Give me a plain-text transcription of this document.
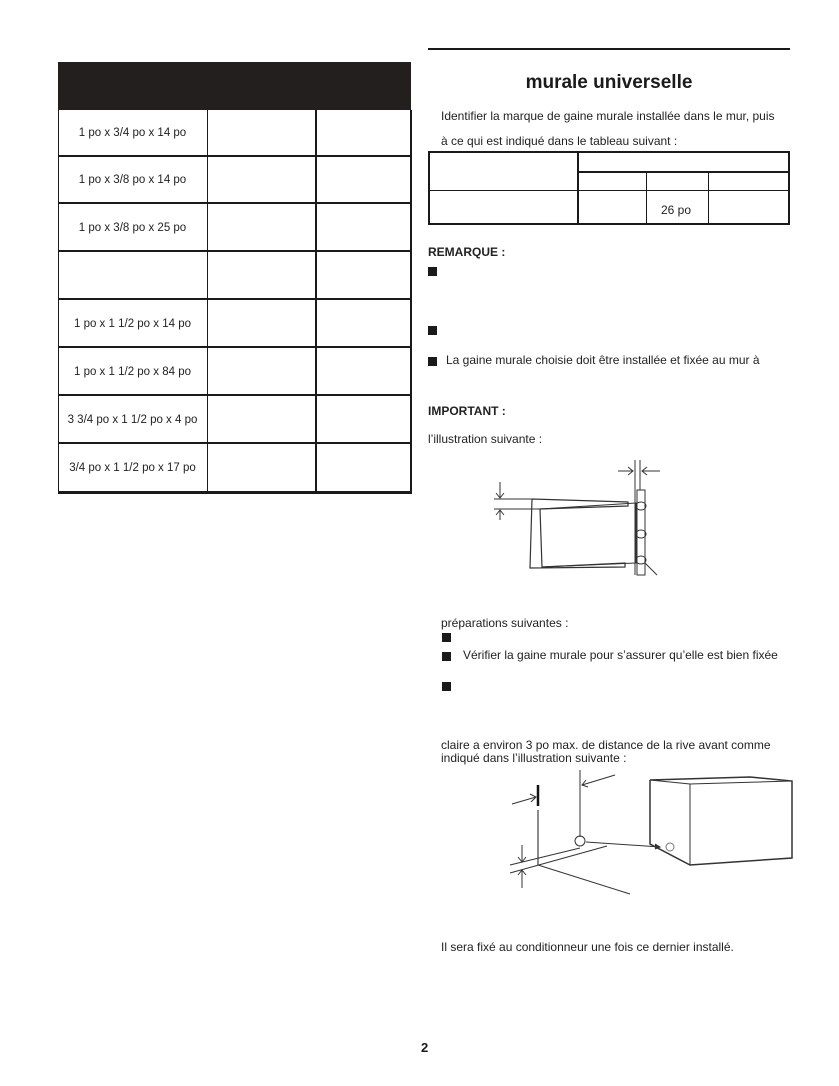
1 po x 3/4 po x 14 po
1 po x 3/8 po x 14 po
1 po x 3/8 po x 25 po
1 po x 1 1/2 po x 14 po
1 po x 1 1/2 po x 84 po
3 3/4 po x 1 1/2 po x 4 po
3/4 po x 1 1/2 po x 17 po
murale universelle
Identifier la marque de gaine murale installée dans le mur, puis
à ce qui est indiqué dans le tableau suivant :
26 po
REMARQUE :
La gaine murale choisie doit être installée et fixée au mur à
IMPORTANT :
l’illustration suivante :
préparations suivantes :
Vérifier la gaine murale pour s’assurer qu’elle est bien fixée
claire a environ 3 po max. de distance de la rive avant comme
indiqué dans l’illustration suivante :
Il sera fixé au conditionneur une fois ce dernier installé.
2
